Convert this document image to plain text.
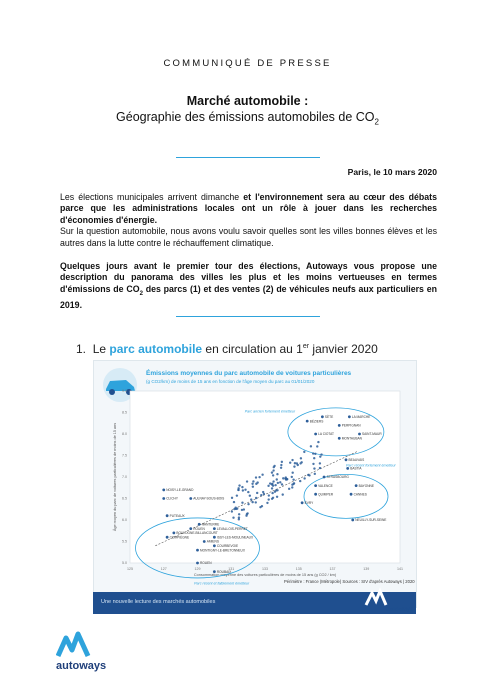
COMMUNIQUÉ DE PRESSE
Marché automobile :
Géographie des émissions automobiles de $CO_2$
Paris, le 10 mars 2020
Les élections municipales arrivent dimanche et l'environnement sera au cœur des débats parce que les administrations locales ont un rôle à jouer dans les recherches d'économies d'énergie.
Sur la question automobile, nous avons voulu savoir quelles sont les villes bonnes élèves et les autres dans la lutte contre le réchauffement climatique.
Quelques jours avant le premier tour des élections, Autoways vous propose une description du panorama des villes les plus et les moins vertueuses en termes d'émissions de $CO_2$ des parcs (1) et des ventes (2) de véhicules neufs aux particuliers en 2019.
1. Le parc automobile en circulation au 1er janvier 2020
Émissions moyennes du parc automobile de voitures particulières
(g CO2/km) de moins de 15 ans en fonction de l'âge moyen du parc au 01/01/2020
125	127	129	131	133	135	137	139	141
5.0
5.5
6.0
6.5
7.0
7.5
8.0
8.5
9.0
Consommation moyenne des voitures particulières de moins de 15 ans (g CO2 / km)
Âge moyen du parc de voitures particulières de moins de 15 ans
Parc ancien fortement émetteur
Parc récent fortement émetteur
Parc récent et faiblement émetteur
NOISY-LE-GRAND
CLICHY	AULNAY-SOUS-BOIS
PUTEAUX
NANTERRE
ROUEN	LEVALLOIS-PERRET
BOULOGNE-BILLANCOURT
ISSY-LES-MOULINEAUX
COMPIÈGNE
AMIENS
COURBEVOIE
MONTIGNY-LE-BRETONNEUX
ROUEN
ROUBAIX
BÉZIERS
SÈTE	LA MARCHE
PERPIGNAN
LA CIOTAT	SAINT-MAUR
MONTAUBAN
BEAUVAIS
BASTIA
STRASBOURG
VALENCE	BAYONNE
QUIMPER	CANNES
ÉVRY
NEUILLY-SUR-SEINE
Périmètre : France (Métropole) Sources : SIV d'après Autoways | 2020
Une nouvelle lecture des marchés automobiles
autoways
autoways
